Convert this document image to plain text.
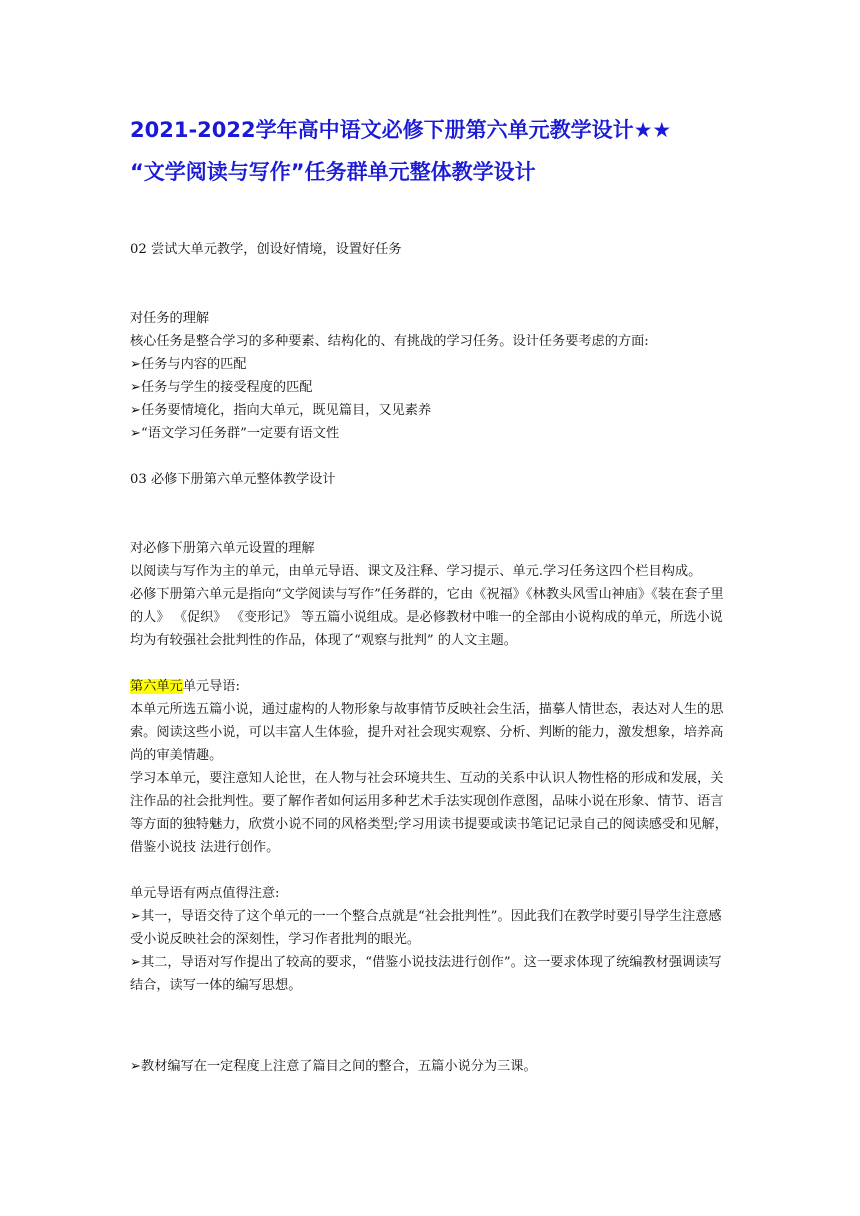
2021-2022学年高中语文必修下册第六单元教学设计★★
“文学阅读与写作”任务群单元整体教学设计

02 尝试大单元教学，创设好情境，设置好任务

对任务的理解

核心任务是整合学习的多种要素、结构化的、有挑战的学习任务。设计任务要考虑的方面:

➢任务与内容的匹配

➢任务与学生的接受程度的匹配

➢任务要情境化，指向大单元，既见篇目，又见素养

➢“语文学习任务群”一定要有语文性

03 必修下册第六单元整体教学设计

对必修下册第六单元设置的理解

以阅读与写作为主的单元，由单元导语、课文及注释、学习提示、单元.学习任务这四个栏目构成。

必修下册第六单元是指向“文学阅读与写作”任务群的，它由《祝福》《林教头风雪山神庙》《装在套子里的人》 《促织》 《变形记》 等五篇小说组成。是必修教材中唯一的全部由小说构成的单元，所选小说均为有较强社会批判性的作品，体现了“观察与批判” 的人文主题。

第六单元单元导语:

本单元所选五篇小说，通过虚构的人物形象与故事情节反映社会生活，描摹人情世态，表达对人生的思索。阅读这些小说，可以丰富人生体验，提升对社会现实观察、分析、判断的能力，激发想象，培养高尚的审美情趣。

学习本单元，要注意知人论世，在人物与社会环境共生、互动的关系中认识人物性格的形成和发展，关注作品的社会批判性。要了解作者如何运用多种艺术手法实现创作意图，品味小说在形象、情节、语言等方面的独特魅力，欣赏小说不同的风格类型;学习用读书提要或读书笔记记录自己的阅读感受和见解，借鉴小说技 法进行创作。

单元导语有两点值得注意:

➢其一，导语交待了这个单元的一一个整合点就是“社会批判性”。因此我们在教学时要引导学生注意感受小说反映社会的深刻性，学习作者批判的眼光。

➢其二，导语对写作提出了较高的要求，“借鉴小说技法进行创作”。这一要求体现了统编教材强调读写结合，读写一体的编写思想。

➢教材编写在一定程度上注意了篇目之间的整合，五篇小说分为三课。
